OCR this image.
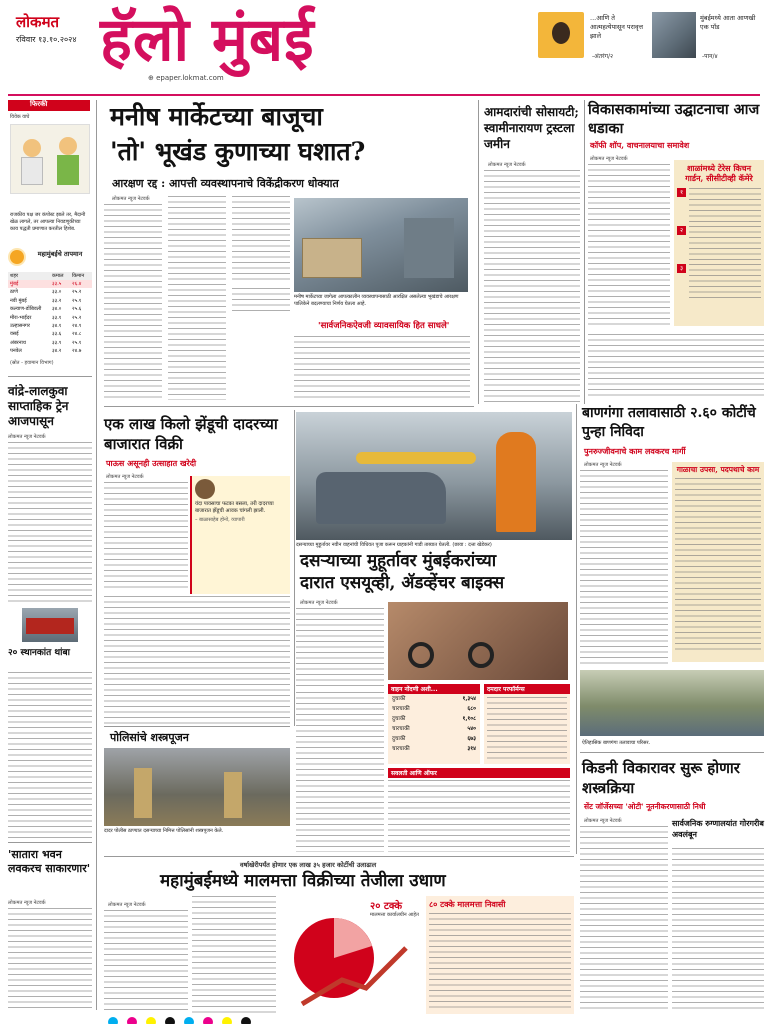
लोकमत
रविवार १३.१०.२०२४ हॅलो मुंबई
⊕ epaper.lokmat.com
...आणि ते आत्महत्येपासून परावृत्त झाले
-अंतरंग/२
मुंबईमध्ये आता आणखी एक पॉड
-पान/४
फिरकी
विवेक वाघे
राजकीय पक्ष जर कंपोस्ट झाले तर, मैदानी खेळ लागले, तर आपल्या निवडणुकीच्या काय पद्धती प्रमाणात करतील हिशेब.
महामुंबईचे तापमान
शहर	कमाल	किमान
मुंबई	३३.५	२६.४
ठाणे	३३.०	२५.२
नवी मुंबई	३३.२	२५.१
कल्याण-डोंबिवली	३४.०	२५.६
मीरा-भाईंदर	३३.१	२५.२
उल्हासनगर	३४.१	२४.९
वसई	३३.६	२४.८
अंबरनाथ	३३.९	२५.१
पनवेल	३४.२	२४.७
(स्रोत - हवामान विभाग)
वांद्रे-लालकुवा साप्ताहिक ट्रेन आजपासून
लोकमत न्यूज नेटवर्क
२० स्थानकांत थांबा
'सातारा भवन लवकरच साकारणार'
लोकमत न्यूज नेटवर्क
मनीष मार्केटच्या बाजूचा
'तो' भूखंड कुणाच्या घशात?
आरक्षण रद्द : आपत्ती व्यवस्थापनाचे विकेंद्रीकरण धोक्यात
लोकमत न्यूज नेटवर्क
मनीष मार्केटच्या जागेला आपत्कालीन व्यवस्थापनासाठी आरक्षित असलेल्या भूखंडाचे आरक्षण पालिकेने बदलण्याचा निर्णय घेतला आहे.
'सार्वजनिकऐवजी व्यावसायिक हित साधले'
आमदारांची सोसायटी; स्वामीनारायण ट्रस्टला जमीन
लोकमत न्यूज नेटवर्क
विकासकामांच्या उद्घाटनाचा आज धडाका
कॉफी शॉप, वाचनालयाचा समावेश
लोकमत न्यूज नेटवर्क
शाळांमध्ये टेरेस किचन गार्डन, सीसीटीव्ही कॅमेरे
१
२
३
एक लाख किलो झेंडूची दादरच्या बाजारात विक्री
पाऊस असूनही उत्साहात खरेदी
लोकमत न्यूज नेटवर्क
यंदा पावसाचा फटका बसला, तरी दादरच्या बाजारात झेंडूची आवक चांगली झाली.
– बाळासाहेब होनो, व्यापारी
दसऱ्याच्या मुहूर्तावर नवीन वाहनांची विधिवत पूजा करून ग्राहकांनी गाडी ताब्यात घेतली. (छाया : दत्ता खेडेकर)
दसऱ्याच्या मुहूर्तावर मुंबईकरांच्या
दारात एसयूव्ही, ॲडव्हेंचर बाइक्स
लोकमत न्यूज नेटवर्क
वाहन नोंदणी अशी...
दुचाकी	१,३५४
चारचाकी	६८०
दुचाकी	१,१०८
चारचाकी	५४०
दुचाकी	६७३
चारचाकी	३१४
दमदार परफॉर्मन्स
सवलती आणि ऑफर
पोलिसांचे शस्त्रपूजन
दादर पोलीस ठाण्यात दसऱ्याच्या निमित्त पोलिसांनी शस्त्रपूजन केले.
बाणगंगा तलावासाठी २.६० कोटींचे पुन्हा निविदा
पुनरुज्जीवनाचे काम लवकरच मार्गी
लोकमत न्यूज नेटवर्क	गाळाचा उपसा, पदपथाचे काम
ऐतिहासिक बाणगंगा तलावाचा परिसर.
किडनी विकारावर सुरू होणार शस्त्रक्रिया
सेंट जॉर्जेसच्या 'ओटी' नूतनीकरणासाठी निधी
लोकमत न्यूज नेटवर्क	सार्वजनिक रुग्णालयांत गोरगरीब अवलंबून
वर्षाखेरीपर्यंत होणार एक लाख ३५ हजार कोटींची उलाढाल
महामुंबईमध्ये मालमत्ता विक्रीच्या तेजीला उधाण
लोकमत न्यूज नेटवर्क	२० टक्के
मालमत्ता कार्यालयीन आहेत
८० टक्के मालमत्ता निवासी
